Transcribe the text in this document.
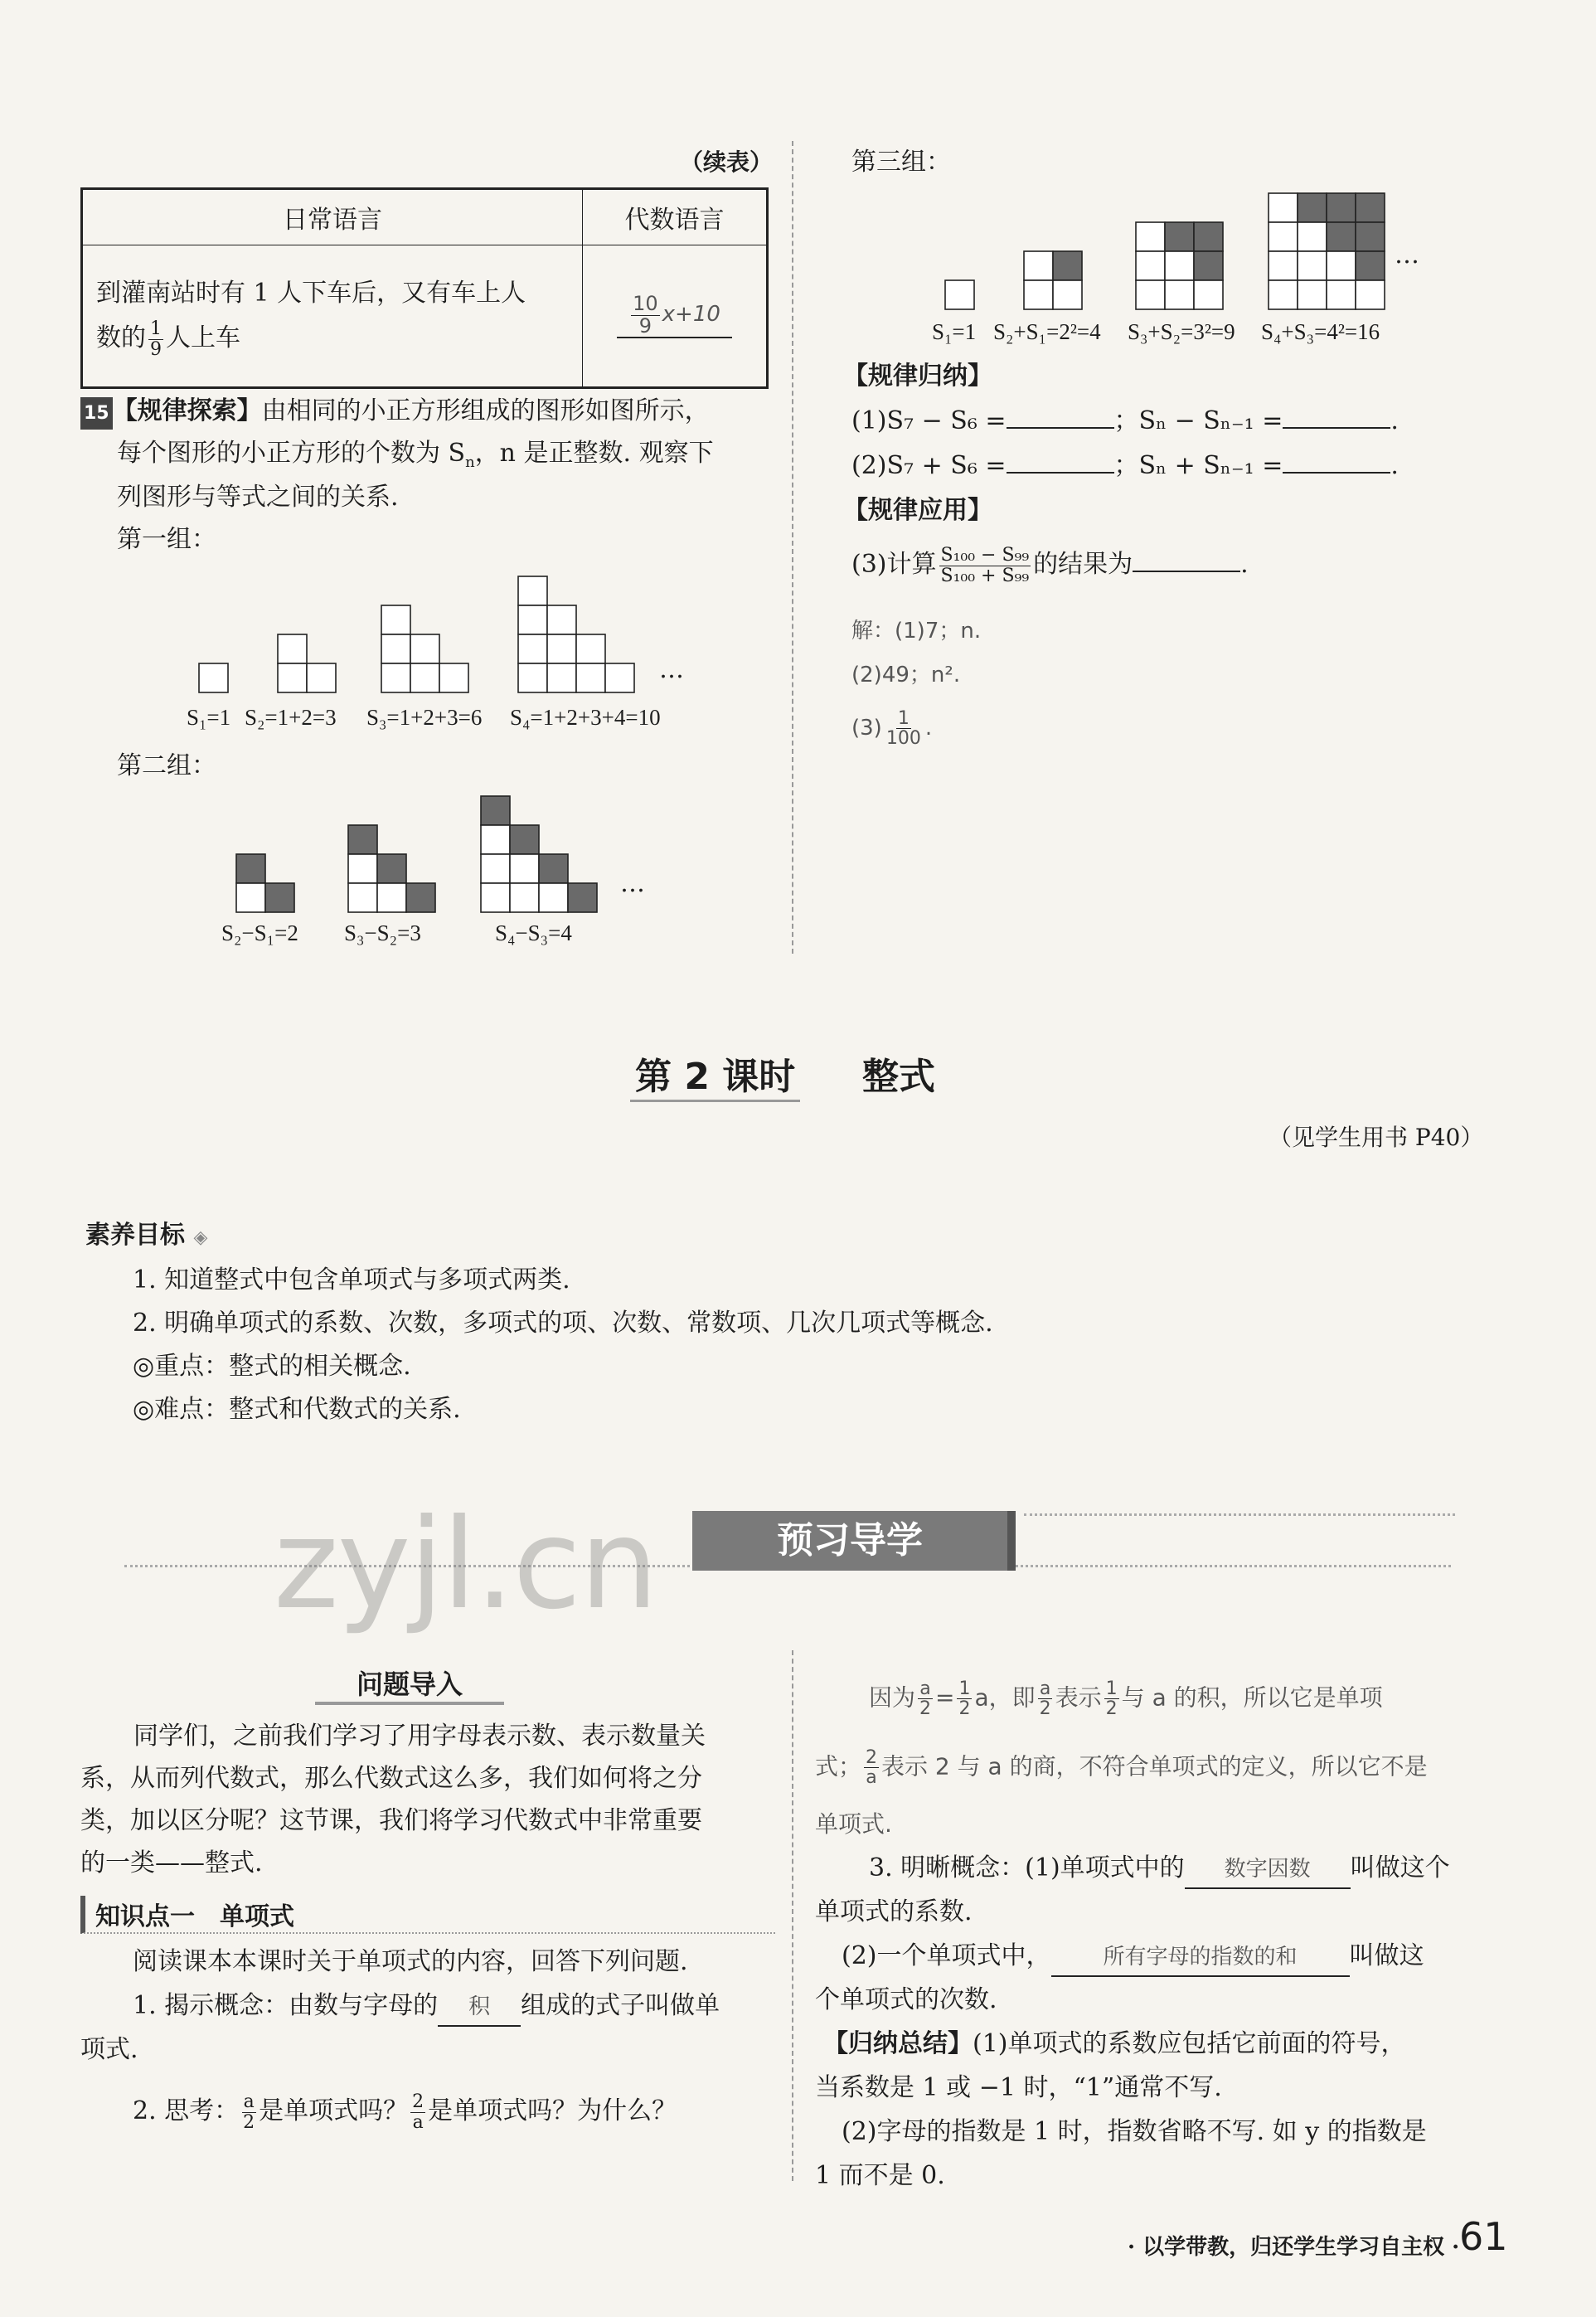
（续表）
日常语言	代数语言
到灌南站时有 1 人下车后，又有车上人
数的 $\frac{1}{9}$ 人上车	$\frac{10}{9} x+10$
15 【规律探索】由相同的小正方形组成的图形如图所示，
每个图形的小正方形的个数为 $S_n$，n 是正整数. 观察下
列图形与等式之间的关系.
第一组：
…
S₁=1 S₂=1+2=3 S₃=1+2+3=6 S₄=1+2+3+4=10
第二组：
…
S₂−S₁=2 S₃−S₂=3	S₄−S₃=4
第三组：
…
S₁=1 S₂+S₁=2²=4 S₃+S₂=3²=9 S₄+S₃=4²=16
【规律归纳】
(1)S₇ − S₆ =	；Sₙ − Sₙ₋₁ =	.
(2)S₇ + S₆ =	；Sₙ + Sₙ₋₁ =	.
【规律应用】
(3)计算 $\frac{\text{S₁₀₀ − S₉₉}}{\text{S₁₀₀ + S₉₉}}$ 的结果为	.
解：(1)7；n.
(2)49；n².
$(3) \frac{1}{100}$ .
第 2 课时 整式
（见学生用书 P40）
素养目标 ◈
1. 知道整式中包含单项式与多项式两类.
2. 明确单项式的系数、次数，多项式的项、次数、常数项、几次几项式等概念.
◎重点：整式的相关概念.
◎难点：整式和代数式的关系.
预习导学
zyjl.cn
问题导入
同学们，之前我们学习了用字母表示数、表示数量关
系，从而列代数式，那么代数式这么多，我们如何将之分
类，加以区分呢？这节课，我们将学习代数式中非常重要
的一类——整式.
知识点一　单项式
阅读课本本课时关于单项式的内容，回答下列问题.
1. 揭示概念：由数与字母的 积 组成的式子叫做单
项式.
2. 思考： $\frac{a}{2}$ 是单项式吗？ $\frac{2}{a}$ 是单项式吗？为什么？
因为 $\frac{a}{2} = \frac{1}{2}$ a，即 $\frac{a}{2}$ 表示 $\frac{1}{2}$ 与 a 的积，所以它是单项
式； $\frac{2}{a}$ 表示 2 与 a 的商，不符合单项式的定义，所以它不是
单项式.
3. 明晰概念：(1)单项式中的 数字因数 叫做这个
单项式的系数.
(2)一个单项式中， 所有字母的指数的和 叫做这
个单项式的次数.
【归纳总结】(1)单项式的系数应包括它前面的符号，
当系数是 1 或 −1 时，“1”通常不写.
(2)字母的指数是 1 时，指数省略不写. 如 y 的指数是
1 而不是 0.
· 以学带教，归还学生学习自主权 · 61
